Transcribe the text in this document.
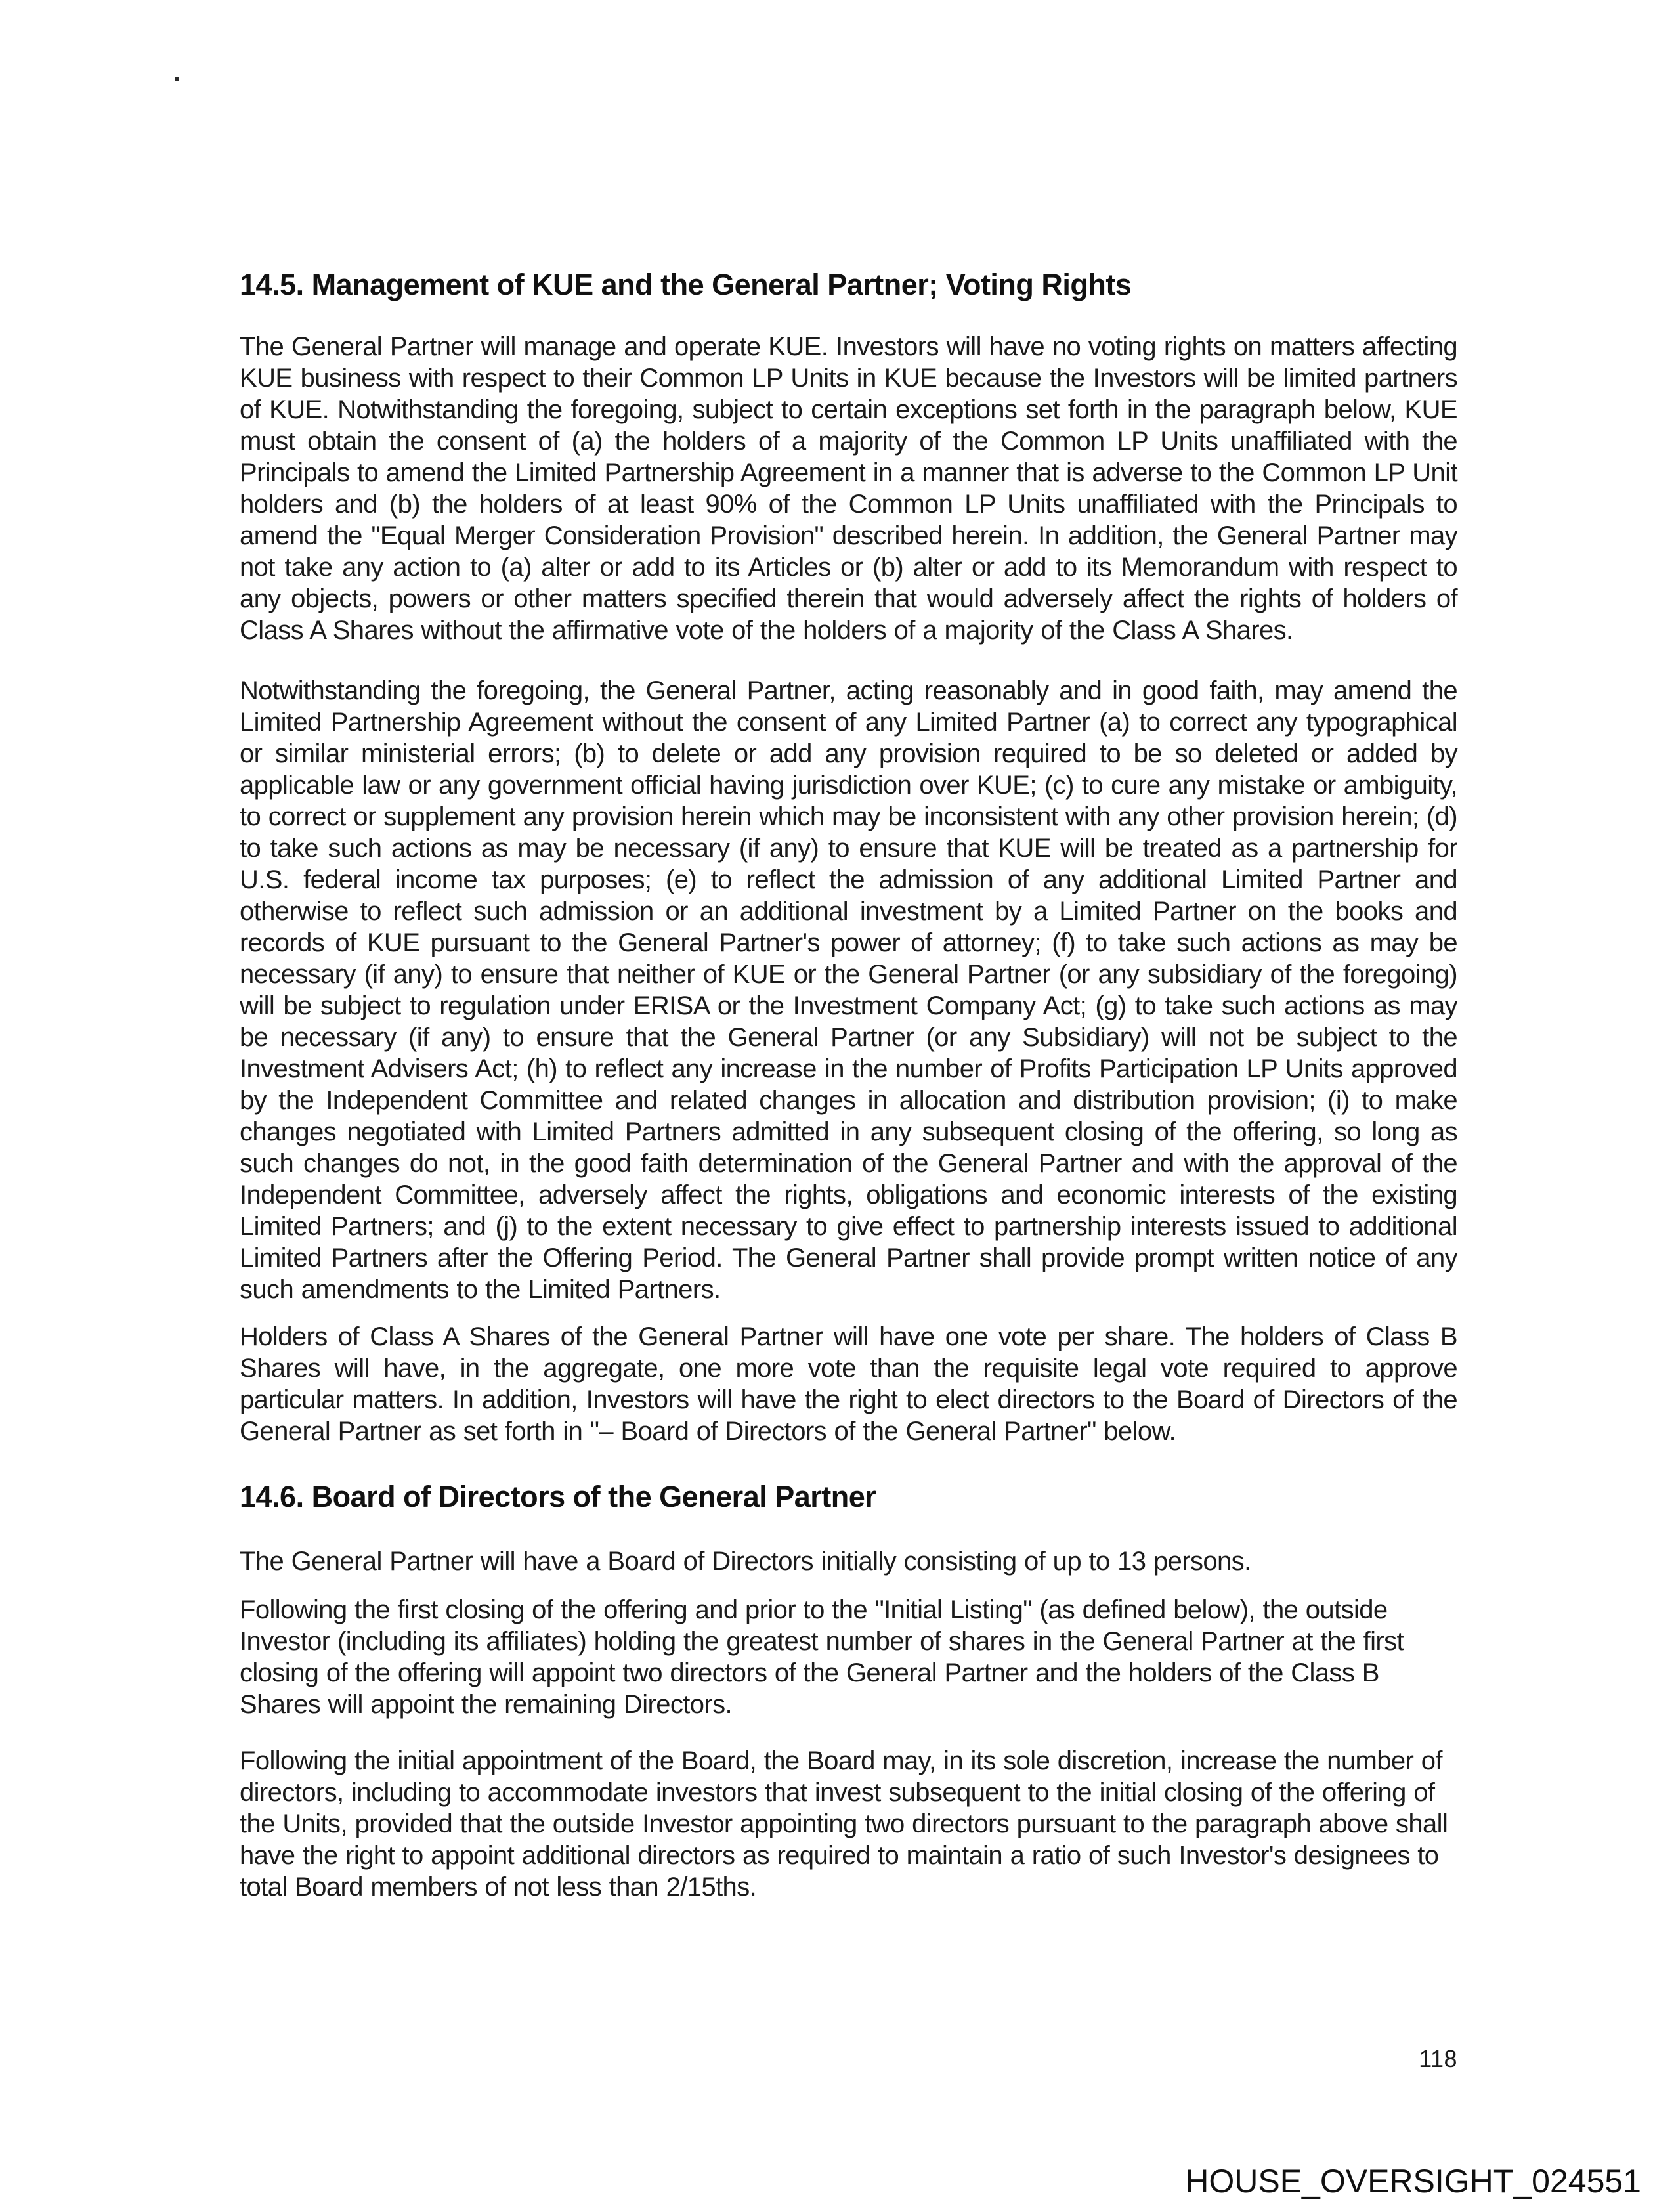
14.5. Management of KUE and the General Partner; Voting Rights

The General Partner will manage and operate KUE. Investors will have no voting rights on matters affecting KUE business with respect to their Common LP Units in KUE because the Investors will be limited partners of KUE. Notwithstanding the foregoing, subject to certain exceptions set forth in the paragraph below, KUE must obtain the consent of (a) the holders of a majority of the Common LP Units unaffiliated with the Principals to amend the Limited Partnership Agreement in a manner that is adverse to the Common LP Unit holders and (b) the holders of at least 90% of the Common LP Units unaffiliated with the Principals to amend the "Equal Merger Consideration Provision" described herein. In addition, the General Partner may not take any action to (a) alter or add to its Articles or (b) alter or add to its Memorandum with respect to any objects, powers or other matters specified therein that would adversely affect the rights of holders of Class A Shares without the affirmative vote of the holders of a majority of the Class A Shares.

Notwithstanding the foregoing, the General Partner, acting reasonably and in good faith, may amend the Limited Partnership Agreement without the consent of any Limited Partner (a) to correct any typographical or similar ministerial errors; (b) to delete or add any provision required to be so deleted or added by applicable law or any government official having jurisdiction over KUE; (c) to cure any mistake or ambiguity, to correct or supplement any provision herein which may be inconsistent with any other provision herein; (d) to take such actions as may be necessary (if any) to ensure that KUE will be treated as a partnership for U.S. federal income tax purposes; (e) to reflect the admission of any additional Limited Partner and otherwise to reflect such admission or an additional investment by a Limited Partner on the books and records of KUE pursuant to the General Partner's power of attorney; (f) to take such actions as may be necessary (if any) to ensure that neither of KUE or the General Partner (or any subsidiary of the foregoing) will be subject to regulation under ERISA or the Investment Company Act; (g) to take such actions as may be necessary (if any) to ensure that the General Partner (or any Subsidiary) will not be subject to the Investment Advisers Act; (h) to reflect any increase in the number of Profits Participation LP Units approved by the Independent Committee and related changes in allocation and distribution provision; (i) to make changes negotiated with Limited Partners admitted in any subsequent closing of the offering, so long as such changes do not, in the good faith determination of the General Partner and with the approval of the Independent Committee, adversely affect the rights, obligations and economic interests of the existing Limited Partners; and (j) to the extent necessary to give effect to partnership interests issued to additional Limited Partners after the Offering Period. The General Partner shall provide prompt written notice of any such amendments to the Limited Partners.

Holders of Class A Shares of the General Partner will have one vote per share. The holders of Class B Shares will have, in the aggregate, one more vote than the requisite legal vote required to approve particular matters. In addition, Investors will have the right to elect directors to the Board of Directors of the General Partner as set forth in "– Board of Directors of the General Partner" below.

14.6. Board of Directors of the General Partner

The General Partner will have a Board of Directors initially consisting of up to 13 persons.

Following the first closing of the offering and prior to the "Initial Listing" (as defined below), the outside Investor (including its affiliates) holding the greatest number of shares in the General Partner at the first closing of the offering will appoint two directors of the General Partner and the holders of the Class B Shares will appoint the remaining Directors.

Following the initial appointment of the Board, the Board may, in its sole discretion, increase the number of directors, including to accommodate investors that invest subsequent to the initial closing of the offering of the Units, provided that the outside Investor appointing two directors pursuant to the paragraph above shall have the right to appoint additional directors as required to maintain a ratio of such Investor's designees to total Board members of not less than 2/15ths.

118
HOUSE_OVERSIGHT_024551
